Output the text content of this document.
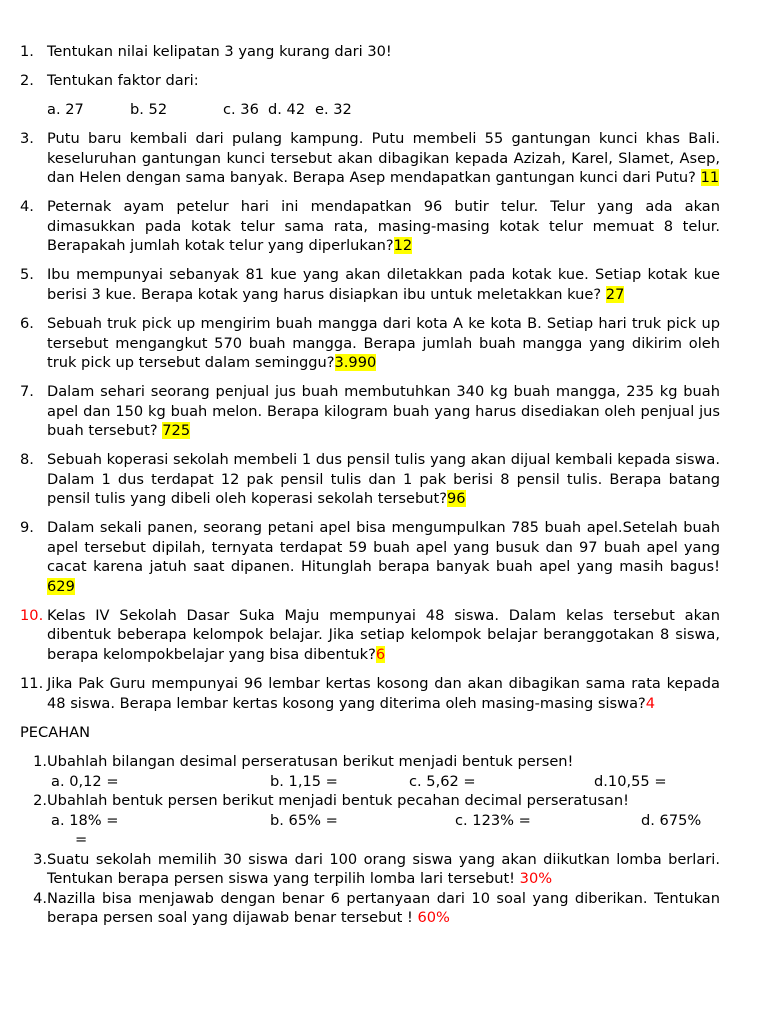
1. Tentukan nilai kelipatan 3 yang kurang dari 30!
2. Tentukan faktor dari:
a. 27	b. 52	c. 36 d. 42 e. 32
3. Putu baru kembali dari pulang kampung. Putu membeli 55 gantungan kunci khas Bali. keseluruhan gantungan kunci tersebut akan dibagikan kepada Azizah, Karel, Slamet, Asep, dan Helen dengan sama banyak. Berapa Asep mendapatkan gantungan kunci dari Putu? 11
4. Peternak ayam petelur hari ini mendapatkan 96 butir telur. Telur yang ada akan dimasukkan pada kotak telur sama rata, masing-masing kotak telur memuat 8 telur. Berapakah jumlah kotak telur yang diperlukan?12
5. Ibu mempunyai sebanyak 81 kue yang akan diletakkan pada kotak kue. Setiap kotak kue berisi 3 kue. Berapa kotak yang harus disiapkan ibu untuk meletakkan kue? 27
6. Sebuah truk pick up mengirim buah mangga dari kota A ke kota B. Setiap hari truk pick up tersebut mengangkut 570 buah mangga. Berapa jumlah buah mangga yang dikirim oleh truk pick up tersebut dalam seminggu?3.990
7. Dalam sehari seorang penjual jus buah membutuhkan 340 kg buah mangga, 235 kg buah apel dan 150 kg buah melon. Berapa kilogram buah yang harus disediakan oleh penjual jus buah tersebut? 725
8. Sebuah koperasi sekolah membeli 1 dus pensil tulis yang akan dijual kembali kepada siswa. Dalam 1 dus terdapat 12 pak pensil tulis dan 1 pak berisi 8 pensil tulis. Berapa batang pensil tulis yang dibeli oleh koperasi sekolah tersebut?96
9. Dalam sekali panen, seorang petani apel bisa mengumpulkan 785 buah apel.Setelah buah apel tersebut dipilah, ternyata terdapat 59 buah apel yang busuk dan 97 buah apel yang cacat karena jatuh saat dipanen. Hitunglah berapa banyak buah apel yang masih bagus! 629
10. Kelas IV Sekolah Dasar Suka Maju mempunyai 48 siswa. Dalam kelas tersebut akan dibentuk beberapa kelompok belajar. Jika setiap kelompok belajar beranggotakan 8 siswa, berapa kelompokbelajar yang bisa dibentuk?6
11. Jika Pak Guru mempunyai 96 lembar kertas kosong dan akan dibagikan sama rata kepada 48 siswa. Berapa lembar kertas kosong yang diterima oleh masing-masing siswa?4
PECAHAN
1. Ubahlah bilangan desimal perseratusan berikut menjadi bentuk persen!
a. 0,12 =	b. 1,15 =	c. 5,62 =	d.10,55 =
2. Ubahlah bentuk persen berikut menjadi bentuk pecahan decimal perseratusan!
a. 18% =	b. 65% =	c. 123% =	d. 675%
=
3. Suatu sekolah memilih 30 siswa dari 100 orang siswa yang akan diikutkan lomba berlari. Tentukan berapa persen siswa yang terpilih lomba lari tersebut! 30%
4. Nazilla bisa menjawab dengan benar 6 pertanyaan dari 10 soal yang diberikan. Tentukan berapa persen soal yang dijawab benar tersebut ! 60%
